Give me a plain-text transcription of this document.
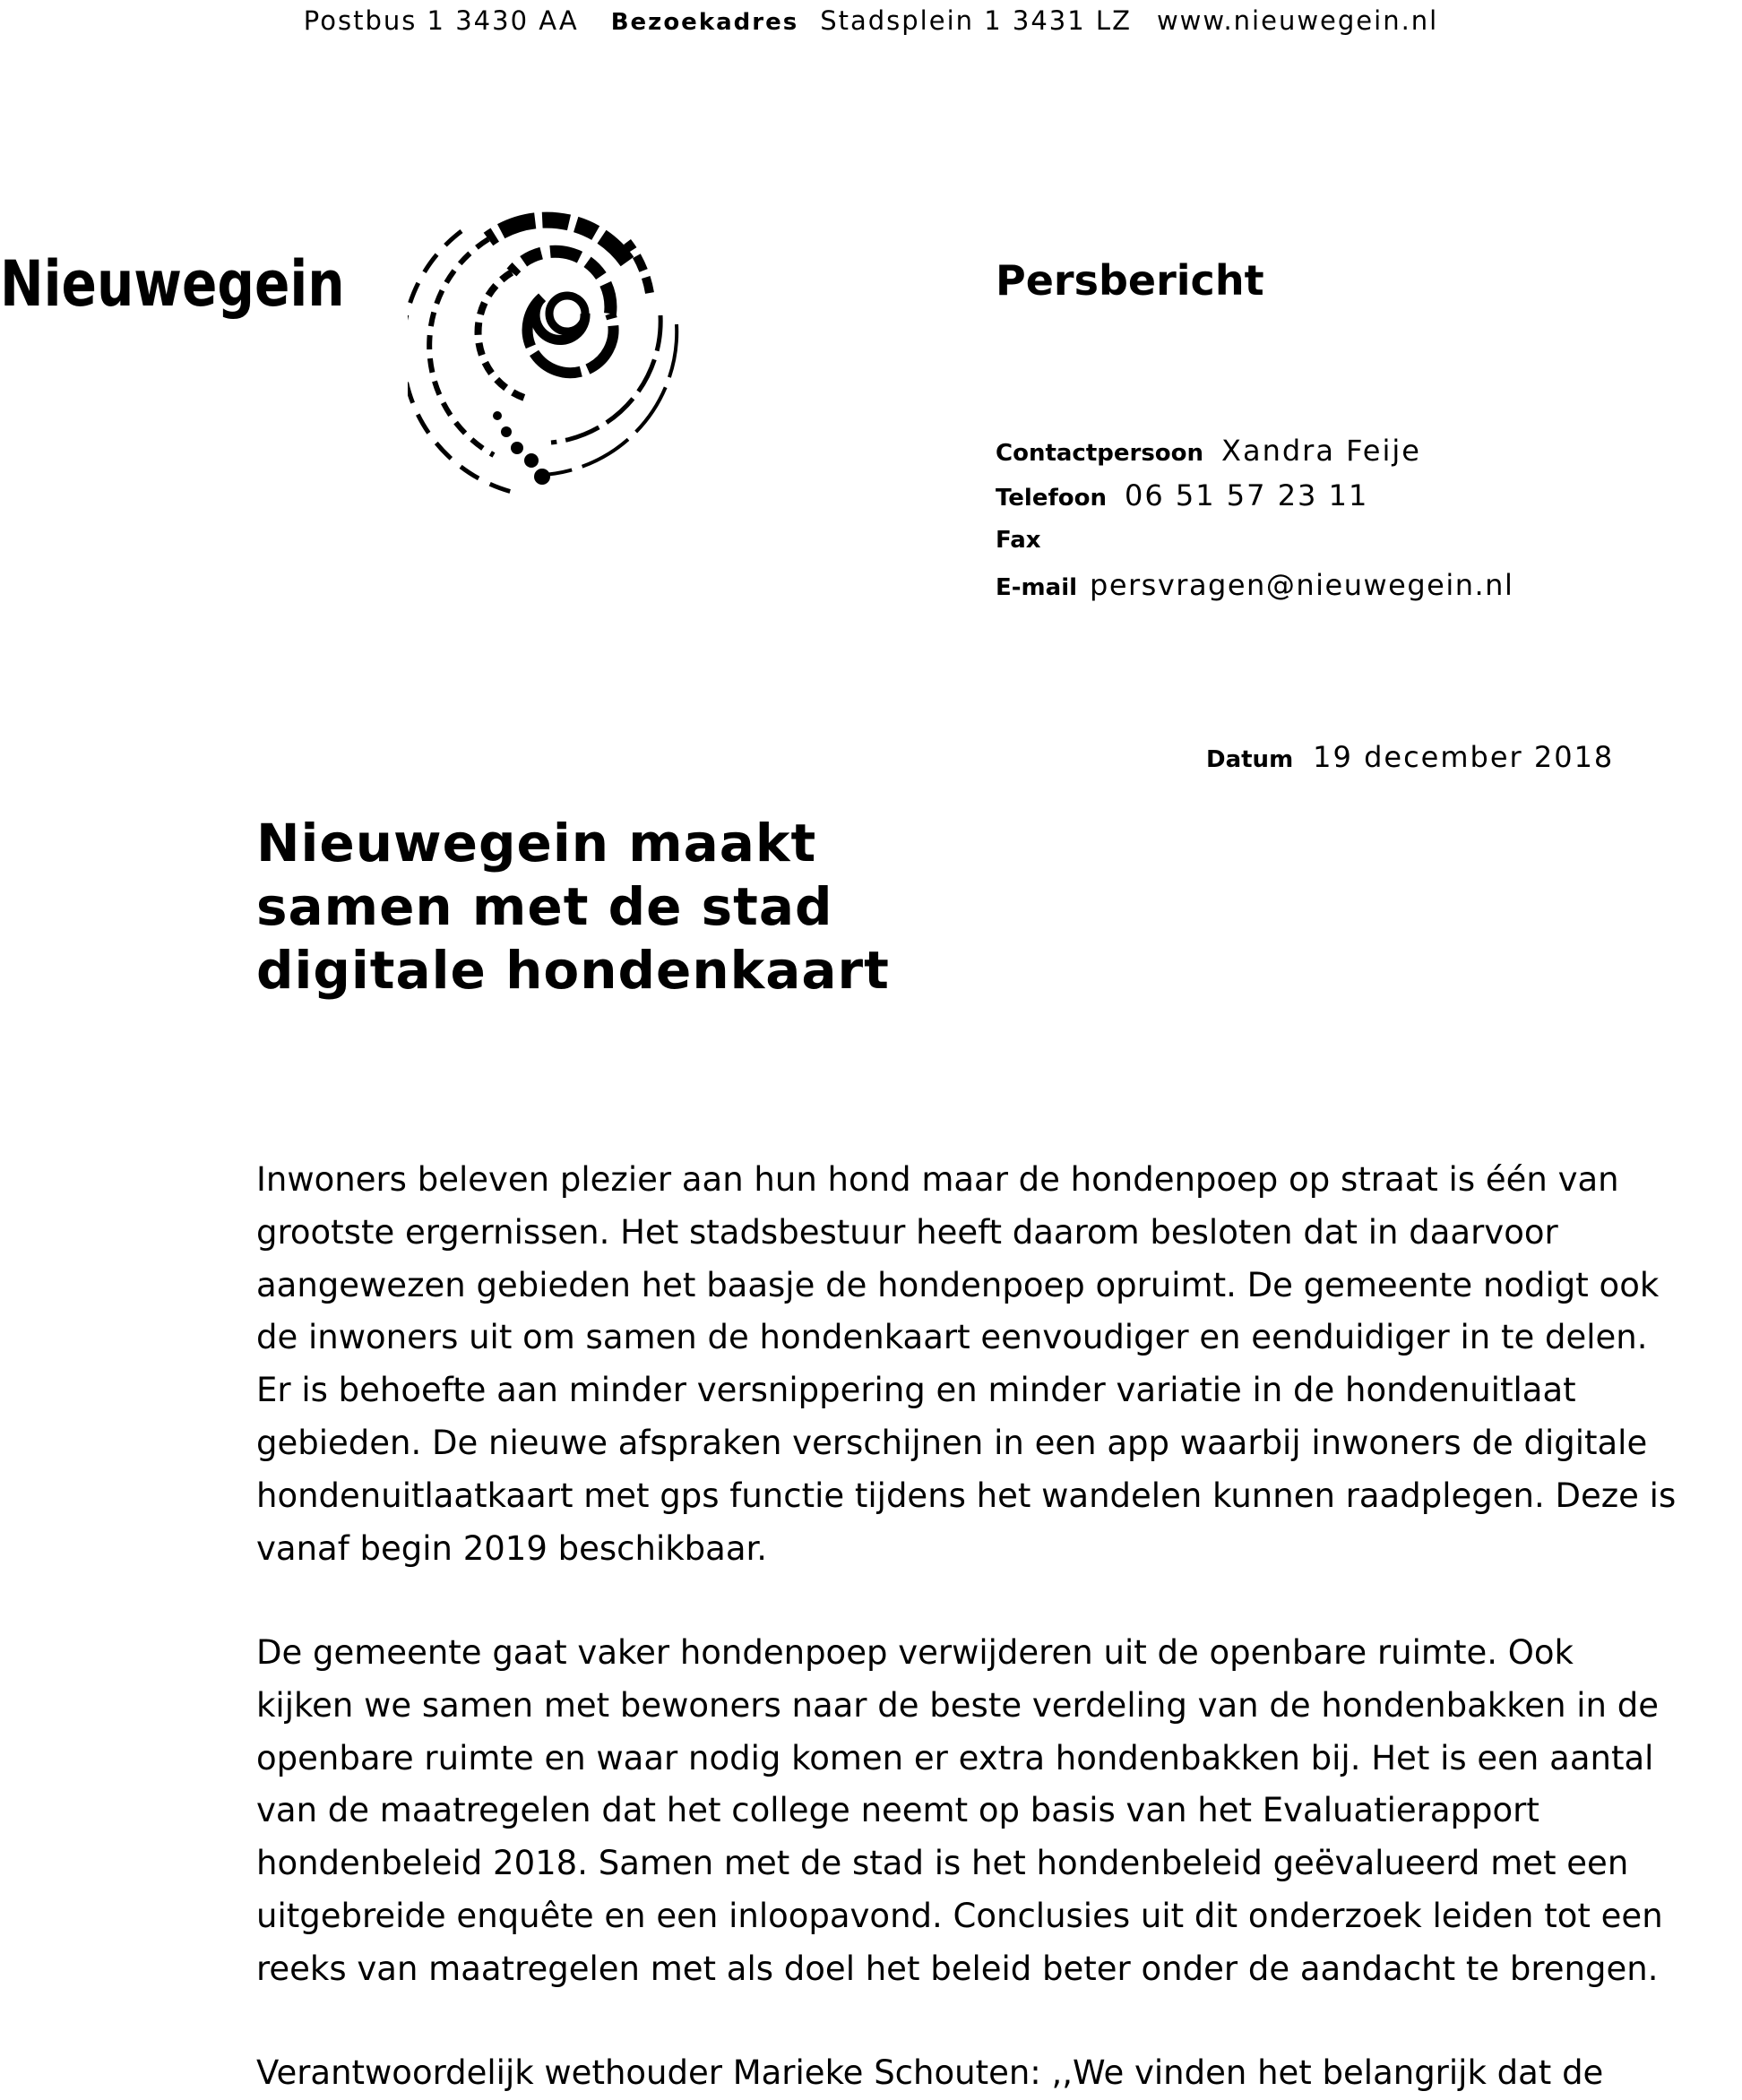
Postbus 1 3430 AA Bezoekadres Stadsplein 1 3431 LZ www.nieuwegein.nl
Nieuwegein	Persbericht
Contactpersoon Xandra Feije
Telefoon 06 51 57 23 11
Fax
E-mail persvragen@nieuwegein.nl
Datum 19 december 2018
Nieuwegein maakt
samen met de stad
digitale hondenkaart
Inwoners beleven plezier aan hun hond maar de hondenpoep op straat is één van
grootste ergernissen. Het stadsbestuur heeft daarom besloten dat in daarvoor
aangewezen gebieden het baasje de hondenpoep opruimt. De gemeente nodigt ook
de inwoners uit om samen de hondenkaart eenvoudiger en eenduidiger in te delen.
Er is behoefte aan minder versnippering en minder variatie in de hondenuitlaat
gebieden. De nieuwe afspraken verschijnen in een app waarbij inwoners de digitale
hondenuitlaatkaart met gps functie tijdens het wandelen kunnen raadplegen. Deze is
vanaf begin 2019 beschikbaar.
De gemeente gaat vaker hondenpoep verwijderen uit de openbare ruimte. Ook
kijken we samen met bewoners naar de beste verdeling van de hondenbakken in de
openbare ruimte en waar nodig komen er extra hondenbakken bij. Het is een aantal
van de maatregelen dat het college neemt op basis van het Evaluatierapport
hondenbeleid 2018. Samen met de stad is het hondenbeleid geëvalueerd met een
uitgebreide enquête en een inloopavond. Conclusies uit dit onderzoek leiden tot een
reeks van maatregelen met als doel het beleid beter onder de aandacht te brengen.
Verantwoordelijk wethouder Marieke Schouten: ,,We vinden het belangrijk dat de
